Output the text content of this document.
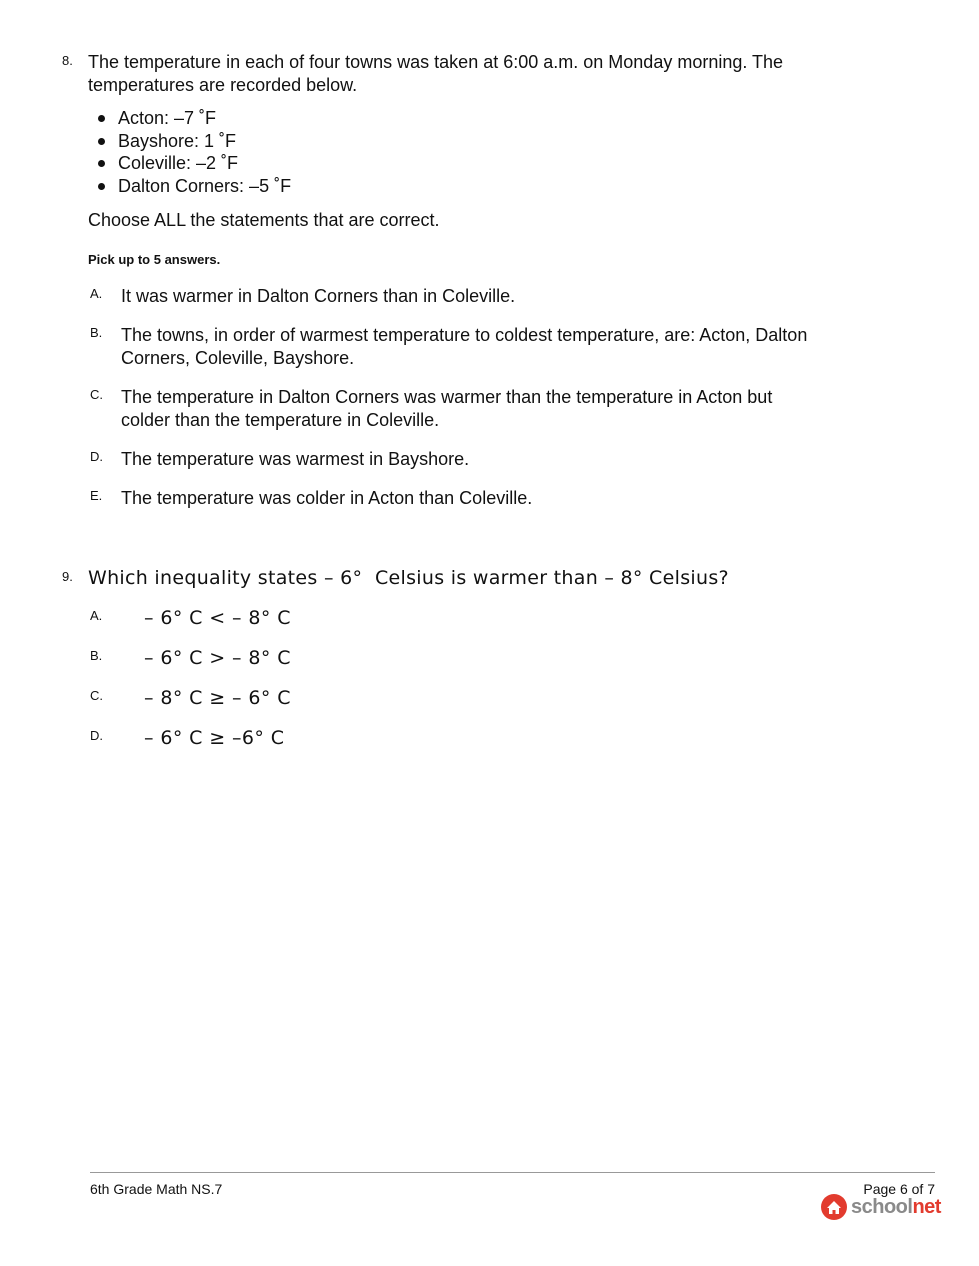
8. The temperature in each of four towns was taken at 6:00 a.m. on Monday morning. The temperatures are recorded below.
Acton: –7 ˚F
Bayshore: 1 ˚F
Coleville: –2 ˚F
Dalton Corners: –5 ˚F
Choose ALL the statements that are correct.
Pick up to 5 answers.
A. It was warmer in Dalton Corners than in Coleville.
B. The towns, in order of warmest temperature to coldest temperature, are: Acton, Dalton Corners, Coleville, Bayshore.
C. The temperature in Dalton Corners was warmer than the temperature in Acton but colder than the temperature in Coleville.
D. The temperature was warmest in Bayshore.
E. The temperature was colder in Acton than Coleville.
9. Which inequality states – 6°  Celsius is warmer than – 8° Celsius?
A. – 6° C < – 8° C
B. – 6° C > – 8° C
C. – 8° C ≥ – 6° C
D. – 6° C ≥ –6° C
6th Grade Math NS.7	Page 6 of 7
schoolnet
